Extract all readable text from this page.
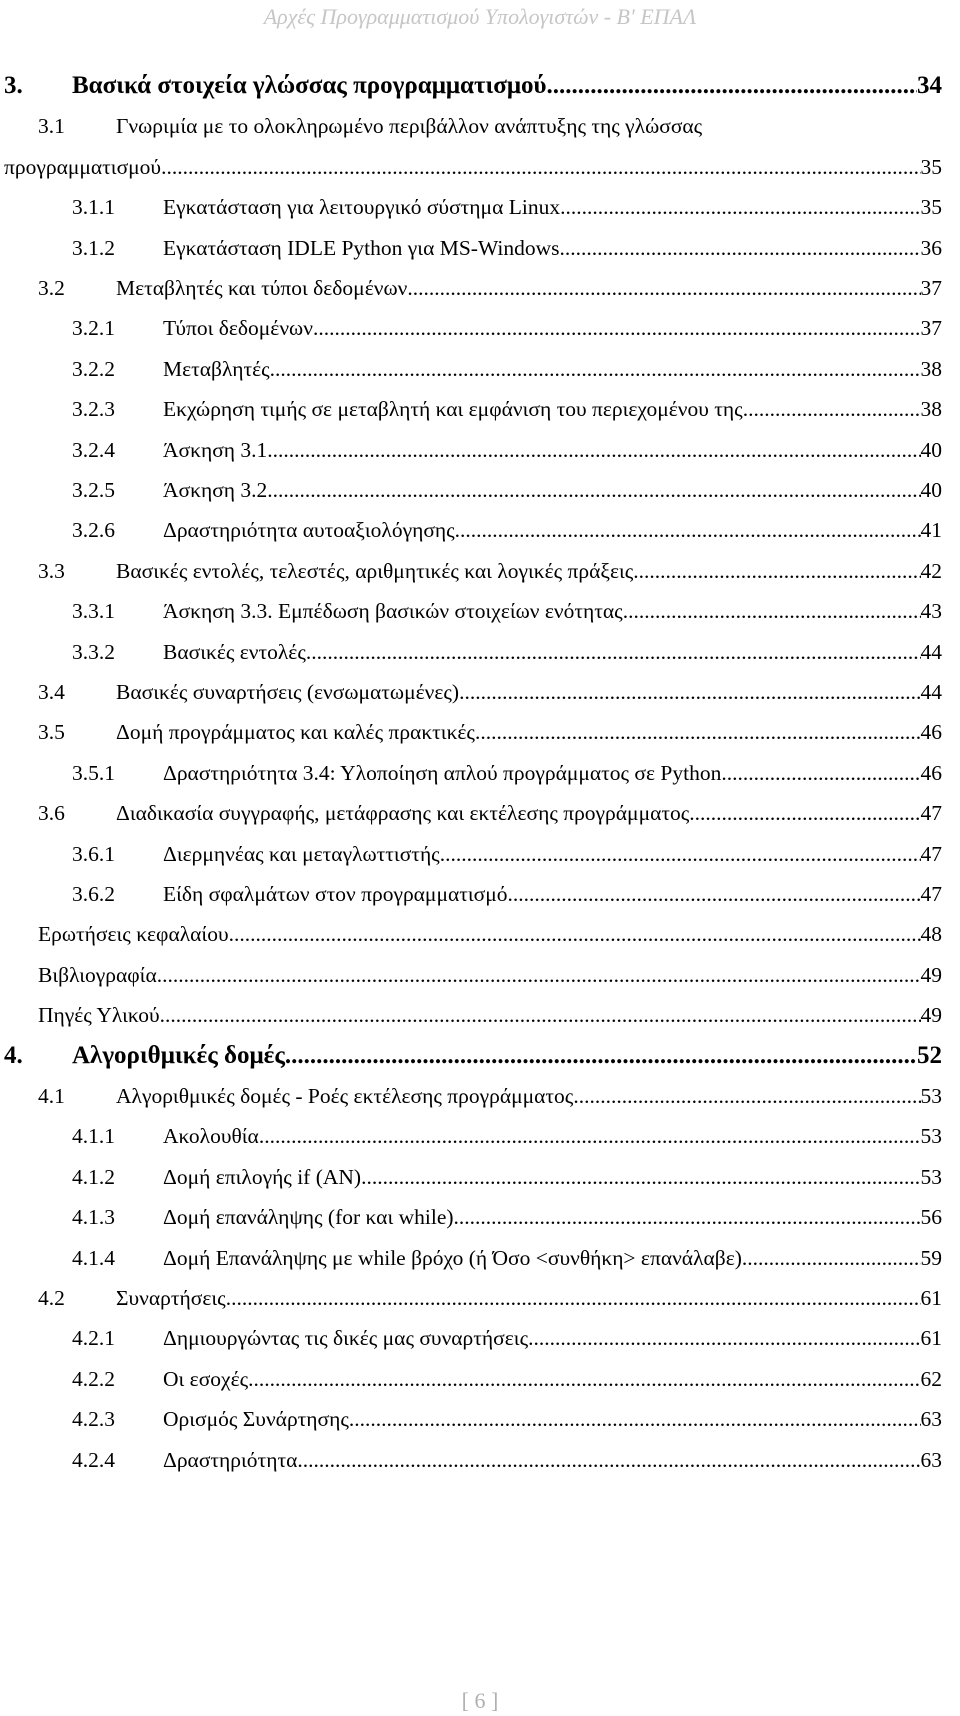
Αρχές Προγραμματισμού Υπολογιστών - Β' ΕΠΑΛ
3.	Βασικά στοιχεία γλώσσας προγραμματισμού .....	34
3.1	Γνωριμία με το ολοκληρωμένο περιβάλλον ανάπτυξης της γλώσσας
προγραμματισμού .....	35
3.1.1	Εγκατάσταση για λειτουργικό σύστημα Linux .....	35
3.1.2	Εγκατάσταση IDLE Python για MS-Windows .....	36
3.2	Μεταβλητές και τύποι δεδομένων .....	37
3.2.1	Τύποι δεδομένων .....	37
3.2.2	Μεταβλητές .....	38
3.2.3	Εκχώρηση τιμής σε μεταβλητή και εμφάνιση του περιεχομένου της .....	38
3.2.4	Άσκηση 3.1 .....	40
3.2.5	Άσκηση 3.2 .....	40
3.2.6	Δραστηριότητα αυτοαξιολόγησης .....	41
3.3	Βασικές εντολές, τελεστές, αριθμητικές και λογικές πράξεις .....	42
3.3.1	Άσκηση 3.3. Εμπέδωση βασικών στοιχείων ενότητας .....	43
3.3.2	Βασικές εντολές .....	44
3.4	Βασικές συναρτήσεις (ενσωματωμένες) .....	44
3.5	Δομή προγράμματος και καλές πρακτικές .....	46
3.5.1	Δραστηριότητα 3.4: Υλοποίηση απλού προγράμματος σε Python .....	46
3.6	Διαδικασία συγγραφής, μετάφρασης και εκτέλεσης προγράμματος .....	47
3.6.1	Διερμηνέας και μεταγλωττιστής .....	47
3.6.2	Είδη σφαλμάτων στον προγραμματισμό .....	47
Ερωτήσεις κεφαλαίου .....	48
Βιβλιογραφία .....	49
Πηγές Υλικού .....	49
4.	Αλγοριθμικές δομές .....	52
4.1	Αλγοριθμικές δομές - Ροές εκτέλεσης προγράμματος .....	53
4.1.1	Ακολουθία .....	53
4.1.2	Δομή επιλογής if (AN) .....	53
4.1.3	Δομή επανάληψης (for και while) .....	56
4.1.4	Δομή Επανάληψης με while βρόχο (ή Όσο <συνθήκη> επανάλαβε) .....	59
4.2	Συναρτήσεις .....	61
4.2.1	Δημιουργώντας τις δικές μας συναρτήσεις .....	61
4.2.2	Οι εσοχές .....	62
4.2.3	Ορισμός Συνάρτησης .....	63
4.2.4	Δραστηριότητα .....	63
[ 6 ]
